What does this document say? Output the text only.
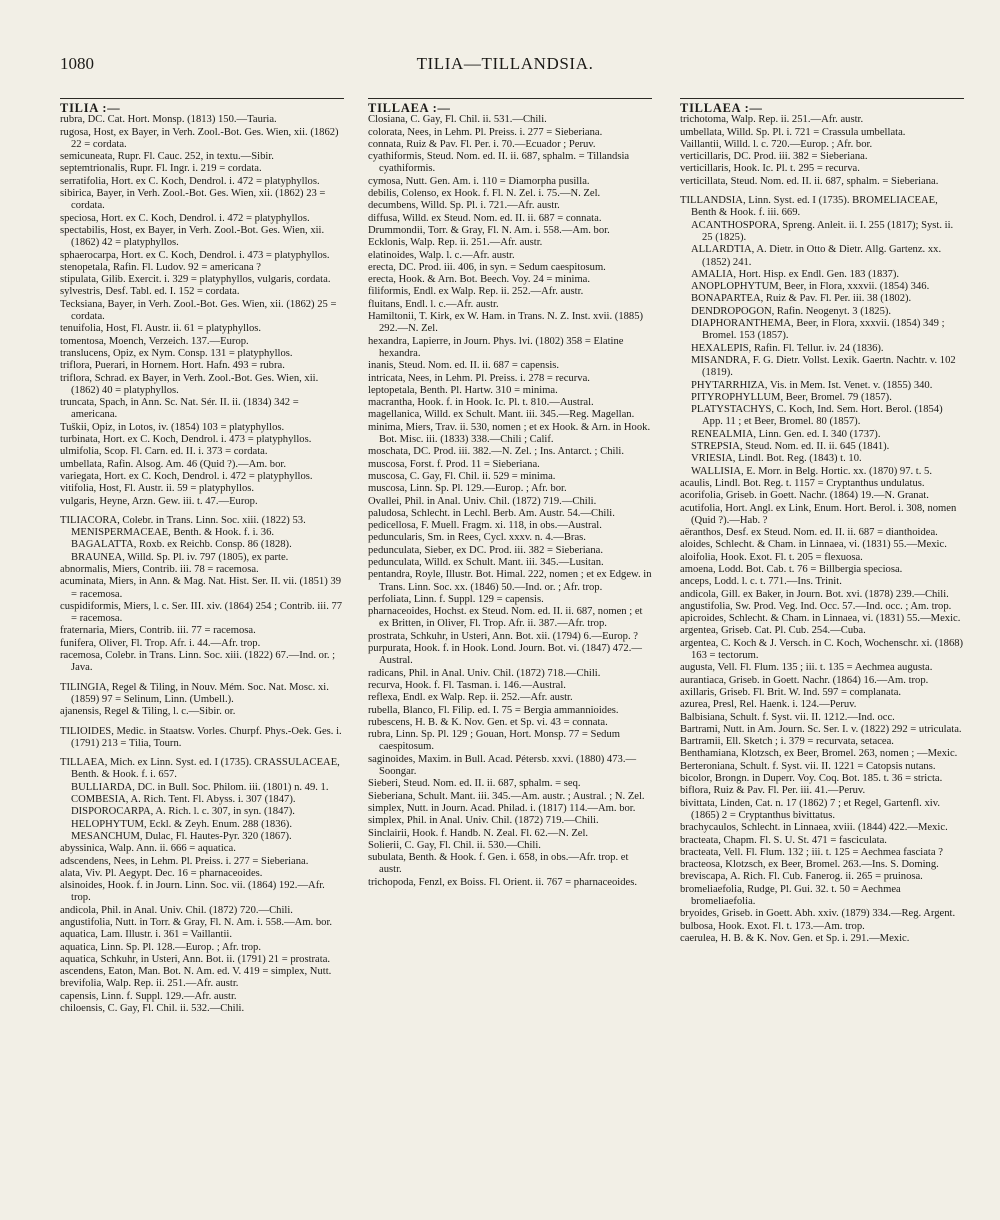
1080	TILIA—TILLANDSIA.
TILIA :—
rubra, DC. Cat. Hort. Monsp. (1813) 150.—Tauria.
rugosa, Host, ex Bayer, in Verh. Zool.-Bot. Ges. Wien, xii. (1862) 22 = cordata.
semicuneata, Rupr. Fl. Cauc. 252, in textu.—Sibir.
septemtrionalis, Rupr. Fl. Ingr. i. 219 = cordata.
serratifolia, Hort. ex C. Koch, Dendrol. i. 472 = platyphyllos.
sibirica, Bayer, in Verh. Zool.-Bot. Ges. Wien, xii. (1862) 23 = cordata.
speciosa, Hort. ex C. Koch, Dendrol. i. 472 = platyphyllos.
spectabilis, Host, ex Bayer, in Verh. Zool.-Bot. Ges. Wien, xii. (1862) 42 = platyphyllos.
sphaerocarpa, Hort. ex C. Koch, Dendrol. i. 473 = platyphyllos.
stenopetala, Rafin. Fl. Ludov. 92 = americana ?
stipulata, Gilib. Exercit. i. 329 = platyphyllos, vulgaris, cordata.
sylvestris, Desf. Tabl. ed. I. 152 = cordata.
Tecksiana, Bayer, in Verh. Zool.-Bot. Ges. Wien, xii. (1862) 25 = cordata.
tenuifolia, Host, Fl. Austr. ii. 61 = platyphyllos.
tomentosa, Moench, Verzeich. 137.—Europ.
translucens, Opiz, ex Nym. Consp. 131 = platyphyllos.
triflora, Puerari, in Hornem. Hort. Hafn. 493 = rubra.
triflora, Schrad. ex Bayer, in Verh. Zool.-Bot. Ges. Wien, xii. (1862) 40 = platyphyllos.
truncata, Spach, in Ann. Sc. Nat. Sér. II. ii. (1834) 342 = americana.
Tuškii, Opiz, in Lotos, iv. (1854) 103 = platyphyllos.
turbinata, Hort. ex C. Koch, Dendrol. i. 473 = platyphyllos.
ulmifolia, Scop. Fl. Carn. ed. II. i. 373 = cordata.
umbellata, Rafin. Alsog. Am. 46 (Quid ?).—Am. bor.
variegata, Hort. ex C. Koch, Dendrol. i. 472 = platyphyllos.
vitifolia, Host, Fl. Austr. ii. 59 = platyphyllos.
vulgaris, Heyne, Arzn. Gew. iii. t. 47.—Europ.
TILIACORA, Colebr. in Trans. Linn. Soc. xiii. (1822) 53. MENISPERMACEAE, Benth. & Hook. f. i. 36.
BAGALATTA, Roxb. ex Reichb. Consp. 86 (1828).
BRAUNEA, Willd. Sp. Pl. iv. 797 (1805), ex parte.
abnormalis, Miers, Contrib. iii. 78 = racemosa.
acuminata, Miers, in Ann. & Mag. Nat. Hist. Ser. II. vii. (1851) 39 = racemosa.
cuspidiformis, Miers, l. c. Ser. III. xiv. (1864) 254 ; Contrib. iii. 77 = racemosa.
fraternaria, Miers, Contrib. iii. 77 = racemosa.
funifera, Oliver, Fl. Trop. Afr. i. 44.—Afr. trop.
racemosa, Colebr. in Trans. Linn. Soc. xiii. (1822) 67.—Ind. or. ; Java.
TILINGIA, Regel & Tiling, in Nouv. Mém. Soc. Nat. Mosc. xi. (1859) 97 = Selinum, Linn. (Umbell.).
ajanensis, Regel & Tiling, l. c.—Sibir. or.
TILIOIDES, Medic. in Staatsw. Vorles. Churpf. Phys.-Oek. Ges. i. (1791) 213 = Tilia, Tourn.
TILLAEA, Mich. ex Linn. Syst. ed. I (1735). CRASSULACEAE, Benth. & Hook. f. i. 657.
BULLIARDA, DC. in Bull. Soc. Philom. iii. (1801) n. 49. 1.
COMBESIA, A. Rich. Tent. Fl. Abyss. i. 307 (1847).
DISPOROCARPA, A. Rich. l. c. 307, in syn. (1847).
HELOPHYTUM, Eckl. & Zeyh. Enum. 288 (1836).
MESANCHUM, Dulac, Fl. Hautes-Pyr. 320 (1867).
abyssinica, Walp. Ann. ii. 666 = aquatica.
adscendens, Nees, in Lehm. Pl. Preiss. i. 277 = Sieberiana.
alata, Viv. Pl. Aegypt. Dec. 16 = pharnaceoides.
alsinoides, Hook. f. in Journ. Linn. Soc. vii. (1864) 192.—Afr. trop.
andicola, Phil. in Anal. Univ. Chil. (1872) 720.—Chili.
angustifolia, Nutt. in Torr. & Gray, Fl. N. Am. i. 558.—Am. bor.
aquatica, Lam. Illustr. i. 361 = Vaillantii.
aquatica, Linn. Sp. Pl. 128.—Europ. ; Afr. trop.
aquatica, Schkuhr, in Usteri, Ann. Bot. ii. (1791) 21 = prostrata.
ascendens, Eaton, Man. Bot. N. Am. ed. V. 419 = simplex, Nutt.
brevifolia, Walp. Rep. ii. 251.—Afr. austr.
capensis, Linn. f. Suppl. 129.—Afr. austr.
chiloensis, C. Gay, Fl. Chil. ii. 532.—Chili.
TILLAEA :—
Closiana, C. Gay, Fl. Chil. ii. 531.—Chili.
colorata, Nees, in Lehm. Pl. Preiss. i. 277 = Sieberiana.
connata, Ruiz & Pav. Fl. Per. i. 70.—Ecuador ; Peruv.
cyathiformis, Steud. Nom. ed. II. ii. 687, sphalm. = Tillandsia cyathiformis.
cymosa, Nutt. Gen. Am. i. 110 = Diamorpha pusilla.
debilis, Colenso, ex Hook. f. Fl. N. Zel. i. 75.—N. Zel.
decumbens, Willd. Sp. Pl. i. 721.—Afr. austr.
diffusa, Willd. ex Steud. Nom. ed. II. ii. 687 = connata.
Drummondii, Torr. & Gray, Fl. N. Am. i. 558.—Am. bor.
Ecklonis, Walp. Rep. ii. 251.—Afr. austr.
elatinoides, Walp. l. c.—Afr. austr.
erecta, DC. Prod. iii. 406, in syn. = Sedum caespitosum.
erecta, Hook. & Arn. Bot. Beech. Voy. 24 = minima.
filiformis, Endl. ex Walp. Rep. ii. 252.—Afr. austr.
fluitans, Endl. l. c.—Afr. austr.
Hamiltonii, T. Kirk, ex W. Ham. in Trans. N. Z. Inst. xvii. (1885) 292.—N. Zel.
hexandra, Lapierre, in Journ. Phys. lvi. (1802) 358 = Elatine hexandra.
inanis, Steud. Nom. ed. II. ii. 687 = capensis.
intricata, Nees, in Lehm. Pl. Preiss. i. 278 = recurva.
leptopetala, Benth. Pl. Hartw. 310 = minima.
macrantha, Hook. f. in Hook. Ic. Pl. t. 810.—Austral.
magellanica, Willd. ex Schult. Mant. iii. 345.—Reg. Magellan.
minima, Miers, Trav. ii. 530, nomen ; et ex Hook. & Arn. in Hook. Bot. Misc. iii. (1833) 338.—Chili ; Calif.
moschata, DC. Prod. iii. 382.—N. Zel. ; Ins. Antarct. ; Chili.
muscosa, Forst. f. Prod. 11 = Sieberiana.
muscosa, C. Gay, Fl. Chil. ii. 529 = minima.
muscosa, Linn. Sp. Pl. 129.—Europ. ; Afr. bor.
Ovallei, Phil. in Anal. Univ. Chil. (1872) 719.—Chili.
paludosa, Schlecht. in Lechl. Berb. Am. Austr. 54.—Chili.
pedicellosa, F. Muell. Fragm. xi. 118, in obs.—Austral.
peduncularis, Sm. in Rees, Cycl. xxxv. n. 4.—Bras.
pedunculata, Sieber, ex DC. Prod. iii. 382 = Sieberiana.
pedunculata, Willd. ex Schult. Mant. iii. 345.—Lusitan.
pentandra, Royle, Illustr. Bot. Himal. 222, nomen ; et ex Edgew. in Trans. Linn. Soc. xx. (1846) 50.—Ind. or. ; Afr. trop.
perfoliata, Linn. f. Suppl. 129 = capensis.
pharnaceoides, Hochst. ex Steud. Nom. ed. II. ii. 687, nomen ; et ex Britten, in Oliver, Fl. Trop. Afr. ii. 387.—Afr. trop.
prostrata, Schkuhr, in Usteri, Ann. Bot. xii. (1794) 6.—Europ. ?
purpurata, Hook. f. in Hook. Lond. Journ. Bot. vi. (1847) 472.—Austral.
radicans, Phil. in Anal. Univ. Chil. (1872) 718.—Chili.
recurva, Hook. f. Fl. Tasman. i. 146.—Austral.
reflexa, Endl. ex Walp. Rep. ii. 252.—Afr. austr.
rubella, Blanco, Fl. Filip. ed. I. 75 = Bergia ammannioides.
rubescens, H. B. & K. Nov. Gen. et Sp. vi. 43 = connata.
rubra, Linn. Sp. Pl. 129 ; Gouan, Hort. Monsp. 77 = Sedum caespitosum.
saginoides, Maxim. in Bull. Acad. Pétersb. xxvi. (1880) 473.—Soongar.
Sieberi, Steud. Nom. ed. II. ii. 687, sphalm. = seq.
Sieberiana, Schult. Mant. iii. 345.—Am. austr. ; Austral. ; N. Zel.
simplex, Nutt. in Journ. Acad. Philad. i. (1817) 114.—Am. bor.
simplex, Phil. in Anal. Univ. Chil. (1872) 719.—Chili.
Sinclairii, Hook. f. Handb. N. Zeal. Fl. 62.—N. Zel.
Solierii, C. Gay, Fl. Chil. ii. 530.—Chili.
subulata, Benth. & Hook. f. Gen. i. 658, in obs.—Afr. trop. et austr.
trichopoda, Fenzl, ex Boiss. Fl. Orient. ii. 767 = pharnaceoides.
TILLAEA :—
trichotoma, Walp. Rep. ii. 251.—Afr. austr.
umbellata, Willd. Sp. Pl. i. 721 = Crassula umbellata.
Vaillantii, Willd. l. c. 720.—Europ. ; Afr. bor.
verticillaris, DC. Prod. iii. 382 = Sieberiana.
verticillaris, Hook. Ic. Pl. t. 295 = recurva.
verticillata, Steud. Nom. ed. II. ii. 687, sphalm. = Sieberiana.
TILLANDSIA, Linn. Syst. ed. I (1735). BROMELIACEAE, Benth & Hook. f. iii. 669.
ACANTHOSPORA, Spreng. Anleit. ii. I. 255 (1817); Syst. ii. 25 (1825).
ALLARDTIA, A. Dietr. in Otto & Dietr. Allg. Gartenz. xx. (1852) 241.
AMALIA, Hort. Hisp. ex Endl. Gen. 183 (1837).
ANOPLOPHYTUM, Beer, in Flora, xxxvii. (1854) 346.
BONAPARTEA, Ruiz & Pav. Fl. Per. iii. 38 (1802).
DENDROPOGON, Rafin. Neogenyt. 3 (1825).
DIAPHORANTHEMA, Beer, in Flora, xxxvii. (1854) 349 ; Bromel. 153 (1857).
HEXALEPIS, Rafin. Fl. Tellur. iv. 24 (1836).
MISANDRA, F. G. Dietr. Vollst. Lexik. Gaertn. Nachtr. v. 102 (1819).
PHYTARRHIZA, Vis. in Mem. Ist. Venet. v. (1855) 340.
PITYROPHYLLUM, Beer, Bromel. 79 (1857).
PLATYSTACHYS, C. Koch, Ind. Sem. Hort. Berol. (1854) App. 11 ; et Beer, Bromel. 80 (1857).
RENEALMIA, Linn. Gen. ed. I. 340 (1737).
STREPSIA, Steud. Nom. ed. II. ii. 645 (1841).
VRIESIA, Lindl. Bot. Reg. (1843) t. 10.
WALLISIA, E. Morr. in Belg. Hortic. xx. (1870) 97. t. 5.
acaulis, Lindl. Bot. Reg. t. 1157 = Cryptanthus undulatus.
acorifolia, Griseb. in Goett. Nachr. (1864) 19.—N. Granat.
acutifolia, Hort. Angl. ex Link, Enum. Hort. Berol. i. 308, nomen (Quid ?).—Hab. ?
aëranthos, Desf. ex Steud. Nom. ed. II. ii. 687 = dianthoidea.
aloides, Schlecht. & Cham. in Linnaea, vi. (1831) 55.—Mexic.
aloifolia, Hook. Exot. Fl. t. 205 = flexuosa.
amoena, Lodd. Bot. Cab. t. 76 = Billbergia speciosa.
anceps, Lodd. l. c. t. 771.—Ins. Trinit.
andicola, Gill. ex Baker, in Journ. Bot. xvi. (1878) 239.—Chili.
angustifolia, Sw. Prod. Veg. Ind. Occ. 57.—Ind. occ. ; Am. trop.
apicroides, Schlecht. & Cham. in Linnaea, vi. (1831) 55.—Mexic.
argentea, Griseb. Cat. Pl. Cub. 254.—Cuba.
argentea, C. Koch & J. Versch. in C. Koch, Wochenschr. xi. (1868) 163 = tectorum.
augusta, Vell. Fl. Flum. 135 ; iii. t. 135 = Aechmea augusta.
aurantiaca, Griseb. in Goett. Nachr. (1864) 16.—Am. trop.
axillaris, Griseb. Fl. Brit. W. Ind. 597 = complanata.
azurea, Presl, Rel. Haenk. i. 124.—Peruv.
Balbisiana, Schult. f. Syst. vii. II. 1212.—Ind. occ.
Bartrami, Nutt. in Am. Journ. Sc. Ser. I. v. (1822) 292 = utriculata.
Bartramii, Ell. Sketch ; i. 379 = recurvata, setacea.
Benthamiana, Klotzsch, ex Beer, Bromel. 263, nomen ; —Mexic.
Berteroniana, Schult. f. Syst. vii. II. 1221 = Catopsis nutans.
bicolor, Brongn. in Duperr. Voy. Coq. Bot. 185. t. 36 = stricta.
biflora, Ruiz & Pav. Fl. Per. iii. 41.—Peruv.
bivittata, Linden, Cat. n. 17 (1862) 7 ; et Regel, Gartenfl. xiv. (1865) 2 = Cryptanthus bivittatus.
brachycaulos, Schlecht. in Linnaea, xviii. (1844) 422.—Mexic.
bracteata, Chapm. Fl. S. U. St. 471 = fasciculata.
bracteata, Vell. Fl. Flum. 132 ; iii. t. 125 = Aechmea fasciata ?
bracteosa, Klotzsch, ex Beer, Bromel. 263.—Ins. S. Doming.
breviscapa, A. Rich. Fl. Cub. Fanerog. ii. 265 = pruinosa.
bromeliaefolia, Rudge, Pl. Gui. 32. t. 50 = Aechmea bromeliaefolia.
bryoides, Griseb. in Goett. Abh. xxiv. (1879) 334.—Reg. Argent.
bulbosa, Hook. Exot. Fl. t. 173.—Am. trop.
caerulea, H. B. & K. Nov. Gen. et Sp. i. 291.—Mexic.
